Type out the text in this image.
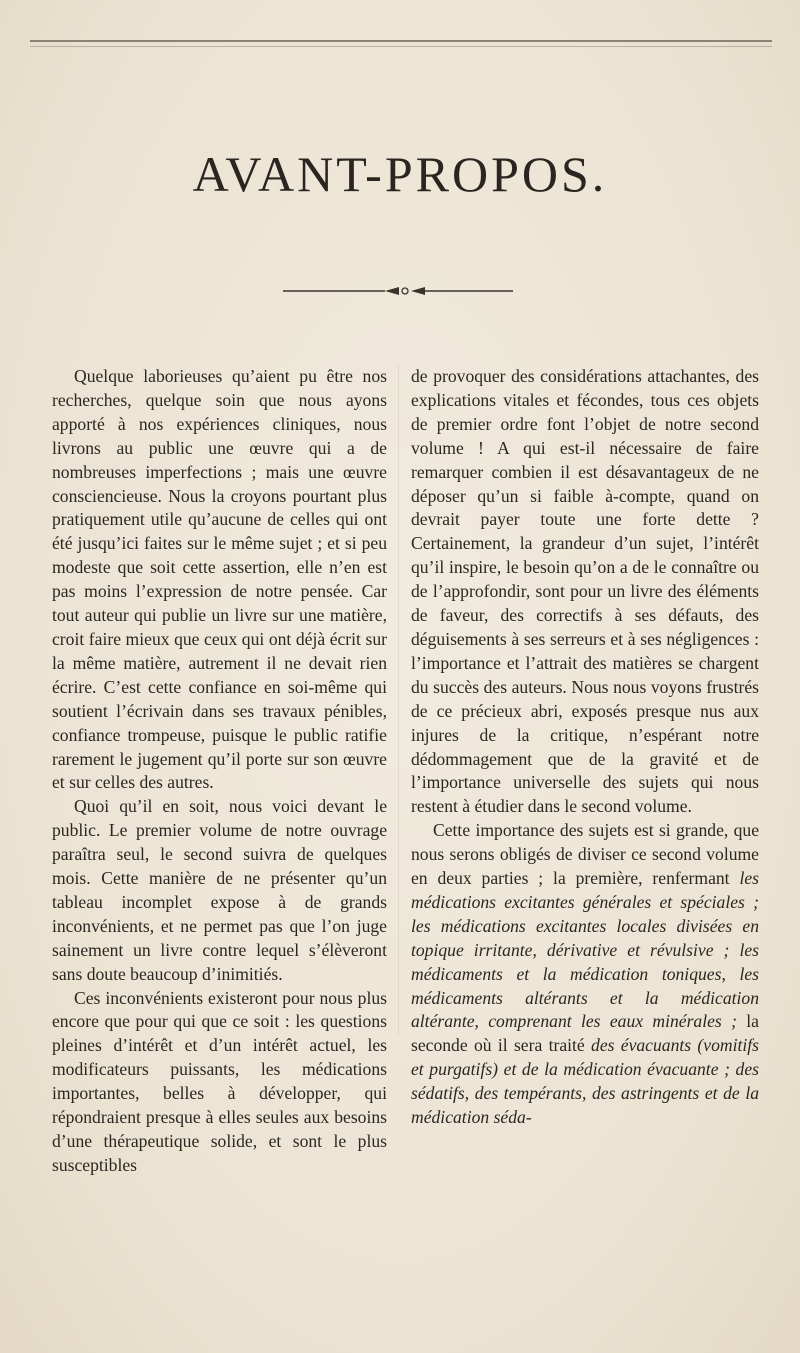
AVANT-PROPOS.

Quelque laborieuses qu’aient pu être nos recherches, quelque soin que nous ayons apporté à nos expériences cliniques, nous livrons au public une œuvre qui a de nombreuses imperfections ; mais une œuvre consciencieuse. Nous la croyons pourtant plus pratiquement utile qu’aucune de celles qui ont été jusqu’ici faites sur le même sujet ; et si peu modeste que soit cette assertion, elle n’en est pas moins l’expression de notre pensée. Car tout auteur qui publie un livre sur une matière, croit faire mieux que ceux qui ont déjà écrit sur la même matière, autrement il ne devait rien écrire. C’est cette confiance en soi-même qui soutient l’écrivain dans ses travaux pénibles, confiance trompeuse, puisque le public ratifie rarement le jugement qu’il porte sur son œuvre et sur celles des autres.

Quoi qu’il en soit, nous voici devant le public. Le premier volume de notre ouvrage paraîtra seul, le second suivra de quelques mois. Cette manière de ne présenter qu’un tableau incomplet expose à de grands inconvénients, et ne permet pas que l’on juge sainement un livre contre lequel s’élèveront sans doute beaucoup d’inimitiés.

Ces inconvénients existeront pour nous plus encore que pour qui que ce soit : les questions pleines d’intérêt et d’un intérêt actuel, les modificateurs puissants, les médications importantes, belles à développer, qui répondraient presque à elles seules aux besoins d’une thérapeutique solide, et sont le plus susceptibles

de provoquer des considérations attachantes, des explications vitales et fécondes, tous ces objets de premier ordre font l’objet de notre second volume ! A qui est-il nécessaire de faire remarquer combien il est désavantageux de ne déposer qu’un si faible à-compte, quand on devrait payer toute une forte dette ? Certainement, la grandeur d’un sujet, l’intérêt qu’il inspire, le besoin qu’on a de le connaître ou de l’approfondir, sont pour un livre des éléments de faveur, des correctifs à ses défauts, des déguisements à ses serreurs et à ses négligences : l’importance et l’attrait des matières se chargent du succès des auteurs. Nous nous voyons frustrés de ce précieux abri, exposés presque nus aux injures de la critique, n’espérant notre dédommagement que de la gravité et de l’importance universelle des sujets qui nous restent à étudier dans le second volume.

Cette importance des sujets est si grande, que nous serons obligés de diviser ce second volume en deux parties ; la première, renfermant les médications excitantes générales et spéciales ; les médications excitantes locales divisées en topique irritante, dérivative et révulsive ; les médicaments et la médication toniques, les médicaments altérants et la médication altérante, comprenant les eaux minérales ; la seconde où il sera traité des évacuants (vomitifs et purgatifs) et de la médication évacuante ; des sédatifs, des tempérants, des astringents et de la médication séda-
